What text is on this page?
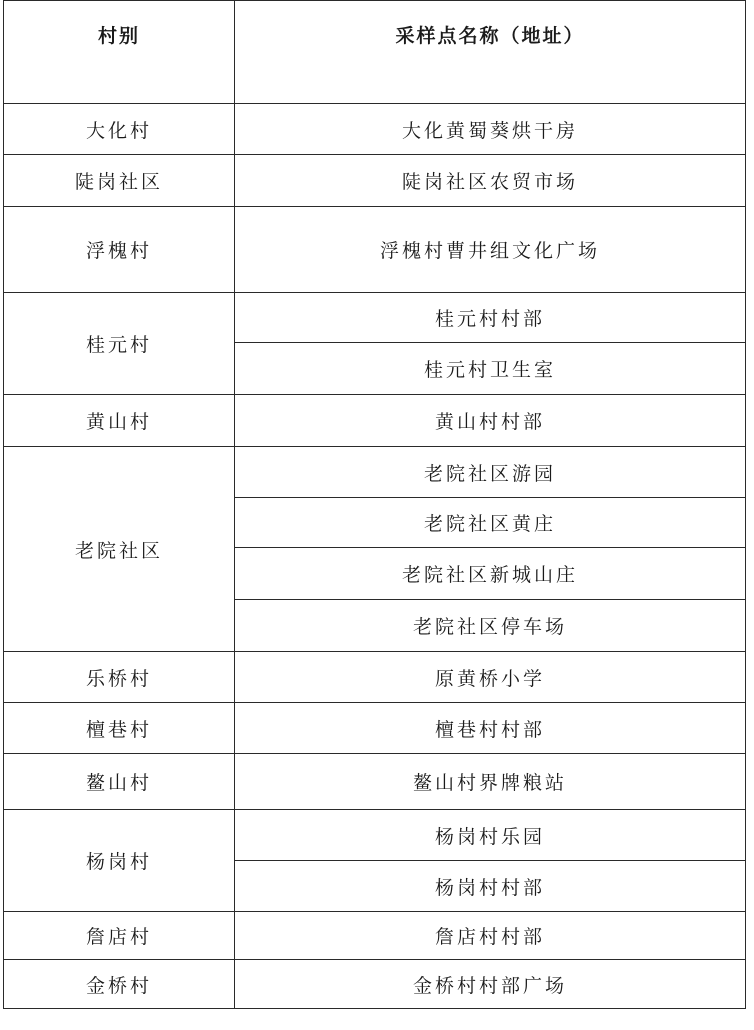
村别	采样点名称（地址）
大化村	大化黄蜀葵烘干房
陡岗社区	陡岗社区农贸市场
浮槐村	浮槐村曹井组文化广场
桂元村	桂元村村部
	桂元村卫生室
黄山村	黄山村村部
老院社区	老院社区游园
	老院社区黄庄
	老院社区新城山庄
	老院社区停车场
乐桥村	原黄桥小学
檀巷村	檀巷村村部
鳌山村	鳌山村界牌粮站
杨岗村	杨岗村乐园
	杨岗村村部
詹店村	詹店村村部
金桥村	金桥村村部广场
